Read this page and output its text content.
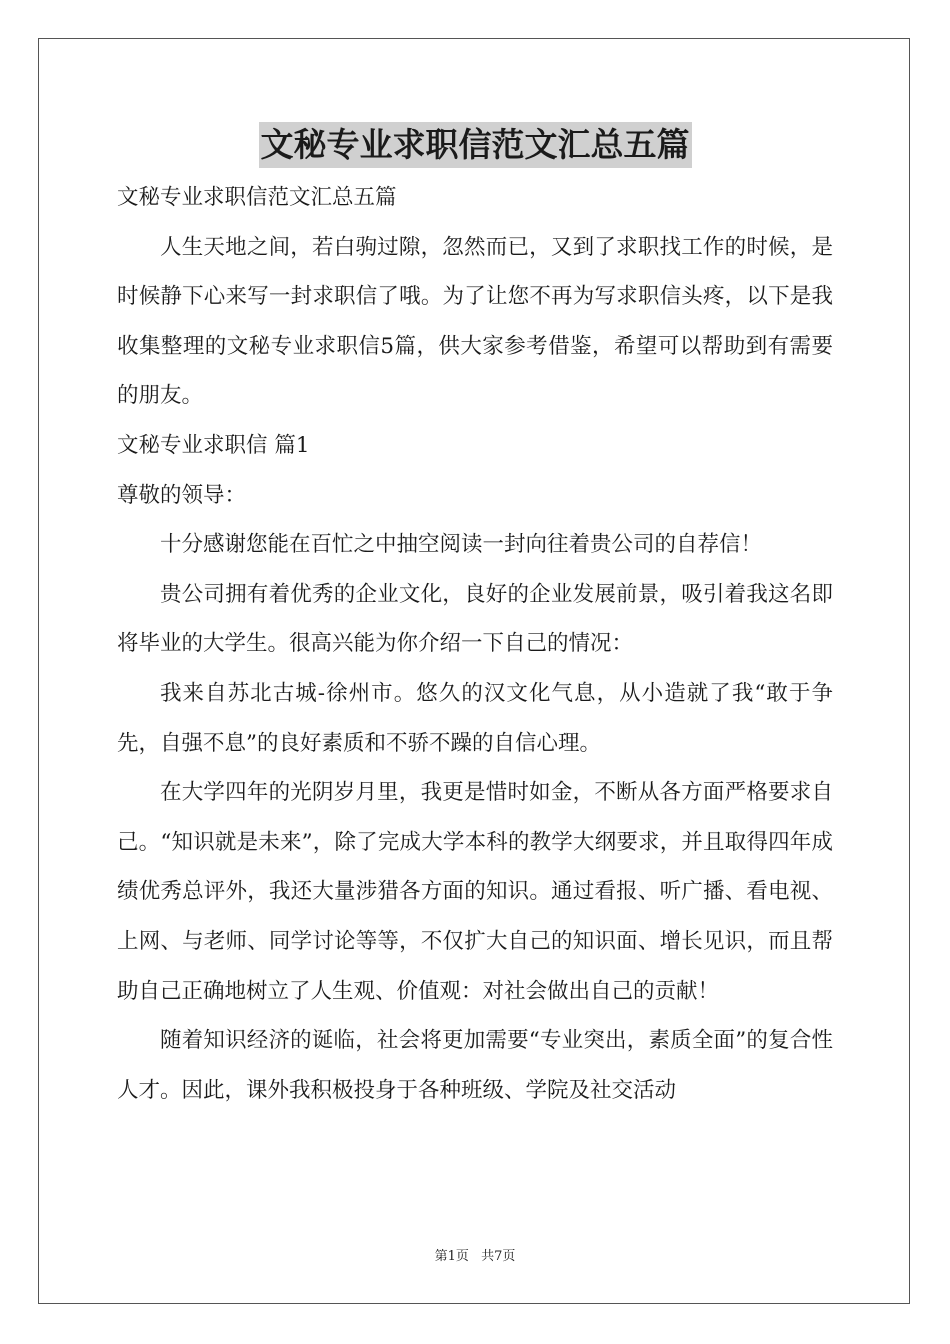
文秘专业求职信范文汇总五篇

文秘专业求职信范文汇总五篇

人生天地之间，若白驹过隙，忽然而已，又到了求职找工作的时候，是时候静下心来写一封求职信了哦。为了让您不再为写求职信头疼，以下是我收集整理的文秘专业求职信5篇，供大家参考借鉴，希望可以帮助到有需要的朋友。

文秘专业求职信 篇1

尊敬的领导：

十分感谢您能在百忙之中抽空阅读一封向往着贵公司的自荐信！

贵公司拥有着优秀的企业文化，良好的企业发展前景，吸引着我这名即将毕业的大学生。很高兴能为你介绍一下自己的情况：

我来自苏北古城-徐州市。悠久的汉文化气息，从小造就了我“敢于争先，自强不息”的良好素质和不骄不躁的自信心理。

在大学四年的光阴岁月里，我更是惜时如金，不断从各方面严格要求自己。“知识就是未来”，除了完成大学本科的教学大纲要求，并且取得四年成绩优秀总评外，我还大量涉猎各方面的知识。通过看报、听广播、看电视、上网、与老师、同学讨论等等，不仅扩大自己的知识面、增长见识，而且帮助自己正确地树立了人生观、价值观：对社会做出自己的贡献！

随着知识经济的诞临，社会将更加需要“专业突出，素质全面”的复合性人才。因此，课外我积极投身于各种班级、学院及社交活动

第1页 共7页
